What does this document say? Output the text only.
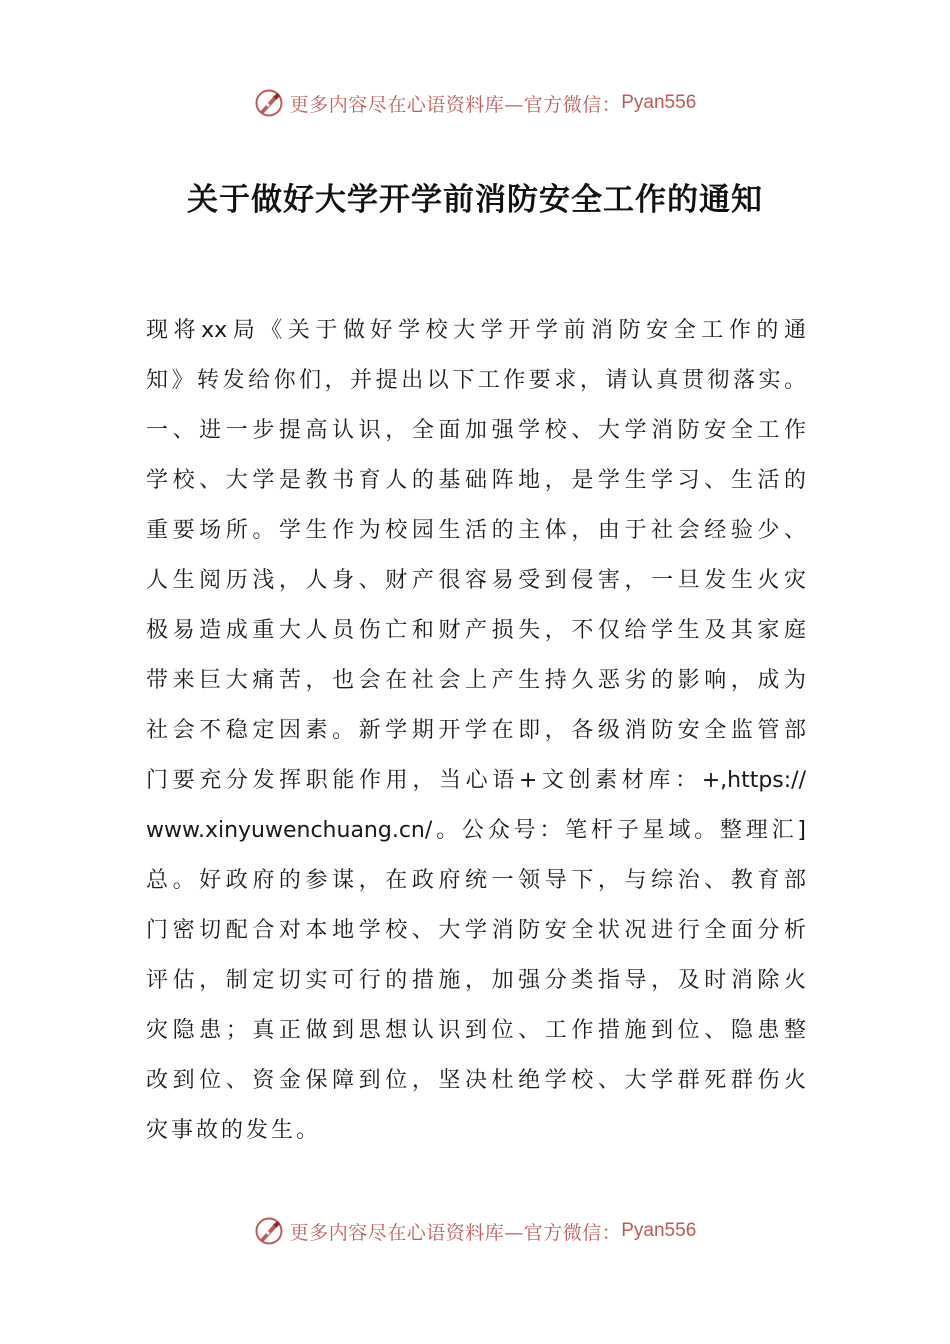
更多内容尽在心语资料库—官方微信： Pyan556
关于做好大学开学前消防安全工作的通知
现将xx局《关于做好学校大学开学前消防安全工作的通
知》转发给你们，并提出以下工作要求，请认真贯彻落实。
一、进一步提高认识，全面加强学校、大学消防安全工作
学校、大学是教书育人的基础阵地，是学生学习、生活的
重要场所。学生作为校园生活的主体，由于社会经验少、
人生阅历浅，人身、财产很容易受到侵害，一旦发生火灾
极易造成重大人员伤亡和财产损失，不仅给学生及其家庭
带来巨大痛苦，也会在社会上产生持久恶劣的影响，成为
社会不稳定因素。新学期开学在即，各级消防安全监管部
门要充分发挥职能作用，当心语+文创素材库：+,https://
www.xinyuwenchuang.cn/。公众号：笔杆子星域。整理汇]
总。好政府的参谋，在政府统一领导下，与综治、教育部
门密切配合对本地学校、大学消防安全状况进行全面分析
评估，制定切实可行的措施，加强分类指导，及时消除火
灾隐患；真正做到思想认识到位、工作措施到位、隐患整
改到位、资金保障到位，坚决杜绝学校、大学群死群伤火
灾事故的发生。
更多内容尽在心语资料库—官方微信： Pyan556
